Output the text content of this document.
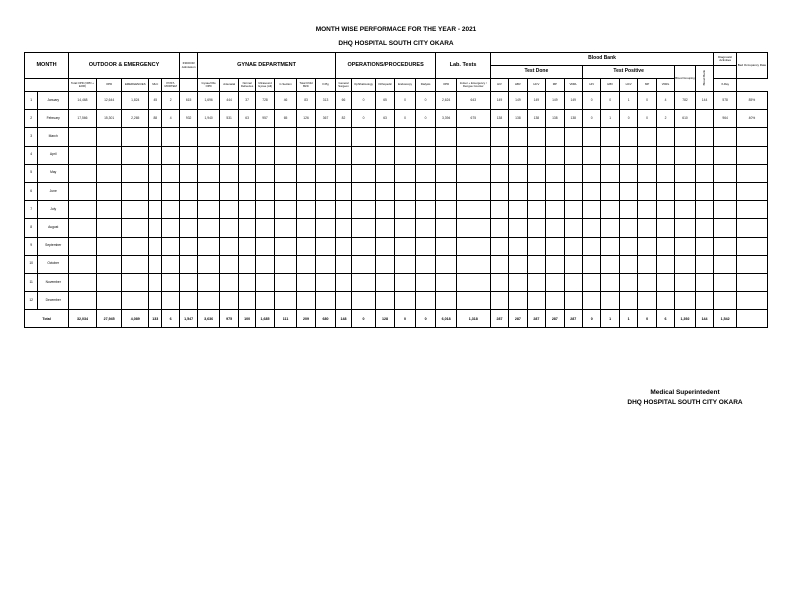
MONTH WISE PERFORMACE FOR THE YEAR - 2021
DHQ HOSPITAL SOUTH CITY OKARA
MONTH		OUTDOOR & EMERGENCY					INDOOR Admission	GYNAE DEPARTMENT							OPERATIONS/PROCEDURES					Lab. Tests		Blood Bank												Diagnostic Activities	Bed Occupancy Rate
																						Test Done					Test Positive					Blood Grouping	Blood Bank		
		Total OPD (OPD + EOR)	OPD	EMERGENCIES	MLC	POST-MORTEM		Gynae/Obs OPD	Antenatal	Normal Deliveries	Ultrasound Gynae (All)	C-Section	Total Child Birth	F.Plg	General Surgeon	Ophthalmology	Orthopedic	Endoscopy	Dialysis	OPD	Indoor + Emergency / Dengue Counter	HIV	HBV	HCV	MP	VDRL	HIV	HBV	HCV	MP	VDRL			X-Ray	
1	January	14,468	12,644	1,824	45	2	615	1,696	444	37	728	46	83	313	66	0	65	0	0	2,624	643	149	149	149	149	149	0	0	1	0	4	782	144	578	85%
2	February	17,566	15,301	2,265	88	4	932	1,940	531	63	957	65	126	367	82	0	63	0	0	3,394	675	138	138	138	138	138	0	1	0	0	2	610		964	40%
3	March																																		
4	April																																		
5	May																																		
6	June																																		
7	July																																		
8	August																																		
9	September																																		
10	October																																		
11	November																																		
12	December																																		
Total		32,034	27,945	4,089	133	6	1,547	3,636	975	100	1,685	111	209	680	148	0	128	0	0	6,018	1,318	287	287	287	287	287	0	1	1	0	6	1,392	144	1,542	
Medical Superintedent
DHQ HOSPITAL SOUTH CITY OKARA
